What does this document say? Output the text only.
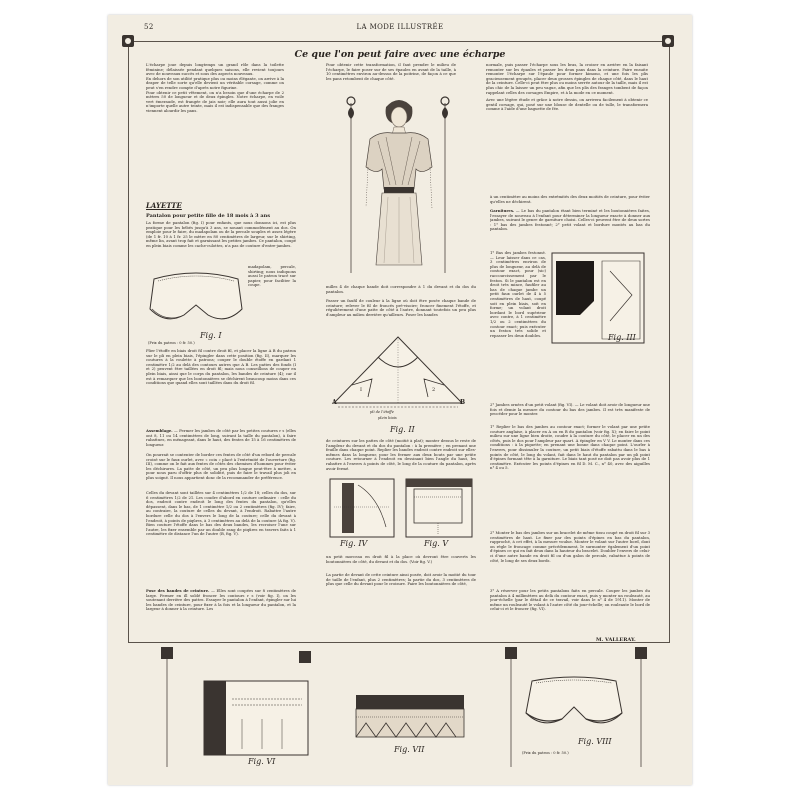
52	LA MODE ILLUSTRÉE
Ce que l'on peut faire avec une écharpe
L'écharpe joue depuis longtemps un grand rôle dans la toilette féminine; délaissée pendant quelques saisons, elle revient toujours avec de nouveaux succès et sous des aspects nouveaux.
En dehors de son utilité pratique plus ou moins élégante, on arrive à la draper de telle sorte qu'elle devient un véritable corsage, comme on peut s'en rendre compte d'après notre figurine.
Pour obtenir ce petit vêtement, on n'a besoin que d'une écharpe de 2 mètres 50 de longueur et de deux épingles. Notre écharpe, en voile vert émeraude, est frangée de jais noir; elle aura tout aussi jolie en n'importe quelle autre teinte, mais il est indispensable que des franges viennent alourdir les pans.
Pour obtenir cette transformation, il faut prendre le milieu de l'écharpe, le faire poser sur de ses épaules en avant de la taille, à 10 centimètres environ au-dessus de la poitrine, de façon à ce que les pans retombent de chaque côté.
normale, puis passer l'écharpe sous les bras, la croiser en arrière en la faisant remonter sur les épaules et passer les deux pans dans la ceinture. Faire ensuite remonter l'écharpe sur l'épaule pour former kimono, et une fois les plis gracieusement groupés, placer deux grosses épingles de chaque côté, dans le haut de la ceinture. Celle-ci peut être plus ou moins serrée autour de la taille, mais il est plus chic de la laisser un peu vague, afin que les plis des franges tombent de façon rappelant celles des corsages Empire, et à la mode en ce moment.
Avec une légère étude et grâce à notre dessin, on arrivera facilement à obtenir ce gentil corsage, qui, posé sur une blouse de dentelle ou de tulle, le transformera comme à l'aide d'une baguette de fée.
LAYETTE
Pantalon pour petite fille de 18 mois à 3 ans
La forme de pantalon (fig. I) pour enfants, que nous donnons ici, est plus pratique pour les bébés jusqu'à 3 ans, se nouant commodément au dos. On emploie pour le faire, du madapolam ou de la percale souples et assez légère (de 1 fr. 10 à 1 fr. 25 le mètre en 80 centimètres de largeur, sur le shirting, même lin, avant trop fait et garnissant les petites jambes. Ce pantalon, coupé en plein biais comme les cache-culottes, n'a pas de couture d'entre-jambes.
madapolam, percale, shirting; nous indiquons aussi le patron tracé sur papier, pour faciliter la coupe.
Fig. I
(Prix du patron : 0 fr. 50.)
Plier l'étoffe en biais droit fil contre droit fil, et placer la ligne A B du patron sur le pli en plein biais, l'épingler dans cette position (fig. II), marquer les coutures à la roulette à patrons; couper le double étoffe en gardant 1 centimètre 1/2 au delà des contours autres que A B. Les pattes des fonds (I et 2) peuvent être taillées en droit fil; mais nous conseillons de couper en plein biais, ainsi que le corps du pantalon, les bandes de ceinture (4); car il est à remarquer que les boutonnières se déchirent beaucoup moins dans ces conditions que quand elles sont taillées dans du droit fil.
Assemblage. — Fermer les jambes de côté par les petites coutures r s (elles ont 8, 11 ou 14 centimètres de long, suivant la taille du pantalon), à faire rabattues, en ménageant, dans le haut, des fentes de 15 à 16 centimètres de longueur.
On pourrait se contenter de border ces fentes de côté d'un rebord de percale croisé sur le faux ourlet, avec « coin » placé à l'extrémité de l'ouverture (fig. III), comme on le fait aux fentes de côtés des chemises d'hommes pour éviter les déchirures. La patte de côté, un peu plus longue peut-être à mettre, a pour nous paru d'offrir plus de solidité, puis de faire le travail plus joli en plus soigné. Il nous appartient donc de la recommander de préférence.
Celles du devant sont taillées sur 4 centimètres 1/2 de 18; celles du dos, sur 6 centimètres 1/2 de 21. Les coudre d'abord en couture ordinaire : celle du dos, endroit contre endroit le long des fentes du pantalon, qu'elles dépassent, dans le bas, de 1 centimètre 1/2 ou 2 centimètres (fig. IV); faire, au contraire, la couture de celles du devant, à l'endroit. Rabattre l'autre bordure celle du dos à l'envers le long de la couture; celle du devant à l'endroit, à points de piqûres, à 3 centimètres au delà de la couture (A fig. V). Bien couture l'étoffe dans le bas des deux bandes, les recroiser l'une sur l'autre, les fixer ensemble par un double rang de piqûres en travers faits à 1 centimètre de distance l'un de l'autre (B, fig. V).
Pose des bandes de ceinture. — Elles sont coupées sur 8 centimètres de large. Fermer en ill soldé froncer les contours r s (voir fig. I), on les soutenant derrière des pattes. Essayer le pantalon à l'enfant, épingler sur lui les bandes de ceinture, pour fixer à la fois et la longueur du pantalon, et la largeur à donner à la ceinture. Les
milles 4 de chaque bande doit correspondre à 1 du devant et du dos du pantalon.
Passer un faufil de couleur à la ligne où doit être posée chaque bande de ceinture; relever le fil de froncés pré-visoire; froncer finement l'étoffe, et régulièrement d'une patte de côté à l'autre, donnant toutefois un peu plus d'ampleur au milieu derrière qu'ailleurs. Poser les bandes
A	B
I	2
pli de l'étoffe
plein biais
Fig. II
de ceintures sur les pattes de côté (moitié à plat); monter dessus le reste de l'ampleur du devant et du dos du pantalon : à la première ; en prenant une feuille dans chaque point. Replier les bandes endroit contre endroit sur elles-mêmes dans la longueur, pour les fermer aux deux bouts par une petite couture. Les retourner à l'endroit en dessinant bien l'angle du haut, les rabattre à l'envers à points de côté, le long de la couture du pantalon, après avoir fermé.
Fig. IV	Fig. V
un petit morceau en droit fil à la place où devront être couverts les boutonnières de côté, du devant et du dos. (Voir fig. V.)
La partie de devant de cette ceinture ainsi posée, doit avoir la moitié du tour de taille de l'enfant, plus 2 centimètres; la partie du dos, 3 centimètres de plus que celle du devant pour le croisure. Faire les boutonnières de côté,
à un centimètre au moins des extrémités des deux moitiés de ceinture, pour éviter qu'elles ne déchirent.
Garnitures. — Le bas du pantalon étant bien terminé et les boutonnières faites, l'essayer de nouveau à l'enfant pour déterminer la longueur exacte à donner aux jambes, suivant le genre de garniture choisi. Celles-ci peuvent être de deux sortes : 1° bas des jambes festonné; 2° petit volant et bordure montés au bas du pantalon.
1° Bas des jambes festonné. — Leur laisser dans ce cas, 3 centimètres environ de plus de longueur, au delà de contour exact, pour (sic) raccourcissement par le feston. Si le pantalon est en droit très mince, faufiler au bas de chaque jambe un petit faux ourlet de 4 à 5 centimètres de haut, coupé soit en plein biais, soit en forme; un volant droit bordant le bord supérieur avec contre, à 1 centimètre 1/2 ou 2 centimètres du contour exact; puis exécuter un feston très solide et repasser les deux doubles.	Fig. III
2° Jambes ornées d'un petit volant (fig. VI). — Le volant doit avoir de longueur une fois et demie la mesure du contour du bas des jambes. Il est très manifeste de procéder pour le monter.
1° Replier le bas des jambes au contour exact; former le volant par une petite couture anglaise, à placer en A ou en B du pantalon (voir fig. X); en faire le point milieu sur une ligne bien droite, coudre à la couture du côté, le placer en un des côtés, puis le dos pour l'ampleur par quart. A épingler en V V. Le monter dans ces conditions : à la piquette; en prenant une bonne dans chaque point. L'ourler à l'envers, pour dissimuler la couture, un petit biais d'étoffe rabattu dans le bas à points de côté, le long du volant, fait dans le haut du pantalon par un pli point d'épines formant tête à la garniture. Le biais tant posé ne doit pas avoir plus de 1 centimètre. Exécuter les points d'épines en fil D. M. C., n° 40, avec des aiguilles n° 4 ou 5.
2° Monter le bas des jambes sur un bracelet de même tissu coupé en droit fil sur 3 centimètres de haut. Le fixer par des points d'épines en bas du pantalon, rapproché, à cet effet, à la mesure voulue. Monter le volant sur l'autre bord, dont on règle le froncage comme précédemment, le surmonter également d'un point d'épines ce qui en fait deux dans la hauteur du bracelet. Doubler l'envers de celui-ci d'une autre bande en droit fil ou d'un galon de percale, rabattue à points de côté, le long de ses deux bords.
3° A réserver pour les petits pantalons faits en percale. Couper les jambes du pantalon à 4 millimètres au delà du contour exact, puis y monter un rouleauté, au jour-échelle (par le détail de ce travail, voir dans le n° 4 de 1911). Monter de même un rouleauté le volant à l'autre côté du jour-échelle; on rouleaute le bord de celui-ci et le froncer (fig. VI).
M. VALLERAY.
Fig. VI
Fig. VII
Fig. VIII
(Prix du patron : 0 fr. 50.)
